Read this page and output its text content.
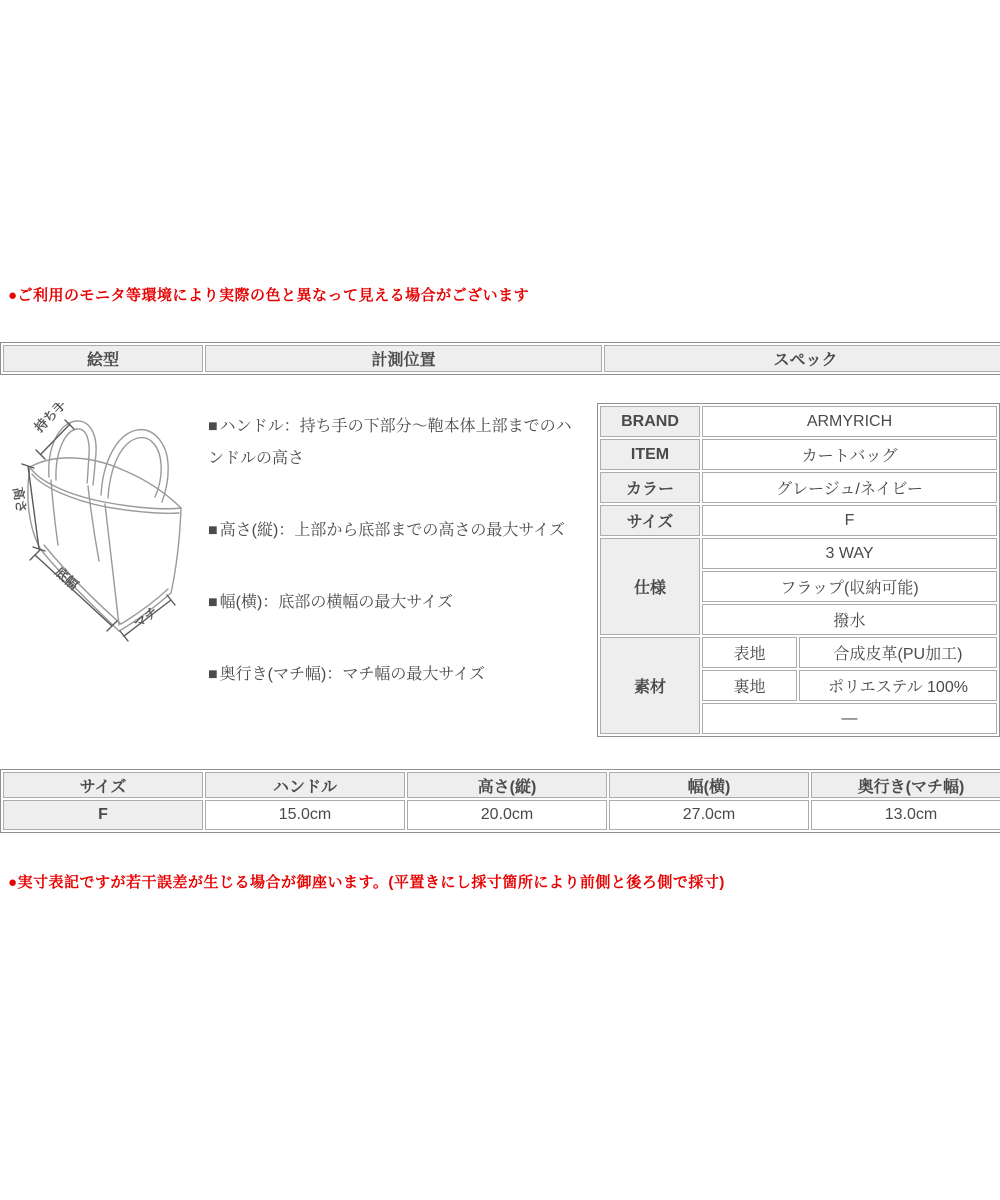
●ご利用のモニタ等環境により実際の色と異なって見える場合がございます

絵型	計測位置	スペック
持ち手
高さ
底幅
マチ

■ ハンドル：持ち手の下部分〜鞄本体上部までのハンドルの高さ

■ 高さ(縦)：上部から底部までの高さの最大サイズ

■ 幅(横)：底部の横幅の最大サイズ

■ 奥行き(マチ幅)：マチ幅の最大サイズ

BRAND	ARMYRICH	
ITEM	カートバッグ	
カラー	グレージュ/ネイビー	
サイズ	F	
仕様	3 WAY	
	フラップ(収納可能)	
	撥水	
素材	表地	合成皮革(PU加工)
	裏地	ポリエステル 100%
	—	
サイズ	ハンドル	高さ(縦)	幅(横)	奥行き(マチ幅)
F	15.0cm	20.0cm	27.0cm	13.0cm

●実寸表記ですが若干誤差が生じる場合が御座います。(平置きにし採寸箇所により前側と後ろ側で採寸)
